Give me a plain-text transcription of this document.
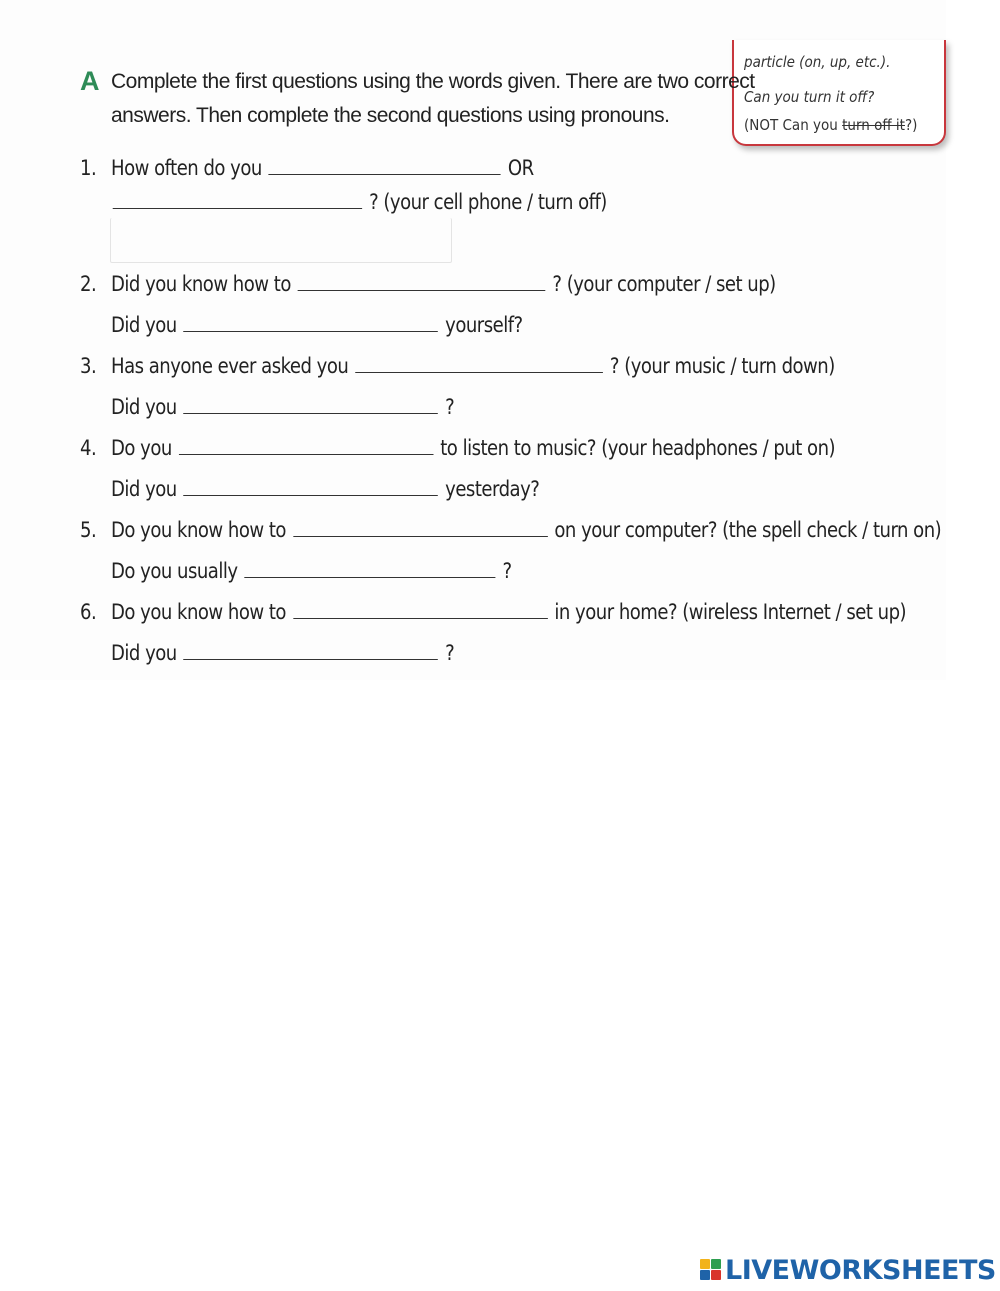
particle (on, up, etc.).
Can you turn it off?
(NOT Can you turn off it?)
A Complete the first questions using the words given. There are two correct
answers. Then complete the second questions using pronouns.
1. How often do you	OR
? (your cell phone / turn off)
2. Did you know how to	? (your computer / set up)
Did you	yourself?
3. Has anyone ever asked you	? (your music / turn down)
Did you	?
4. Do you	to listen to music? (your headphones / put on)
Did you	yesterday?
5. Do you know how to	on your computer? (the spell check / turn on)
Do you usually	?
6. Do you know how to	in your home? (wireless Internet / set up)
Did you	?
LIVEWORKSHEETS
